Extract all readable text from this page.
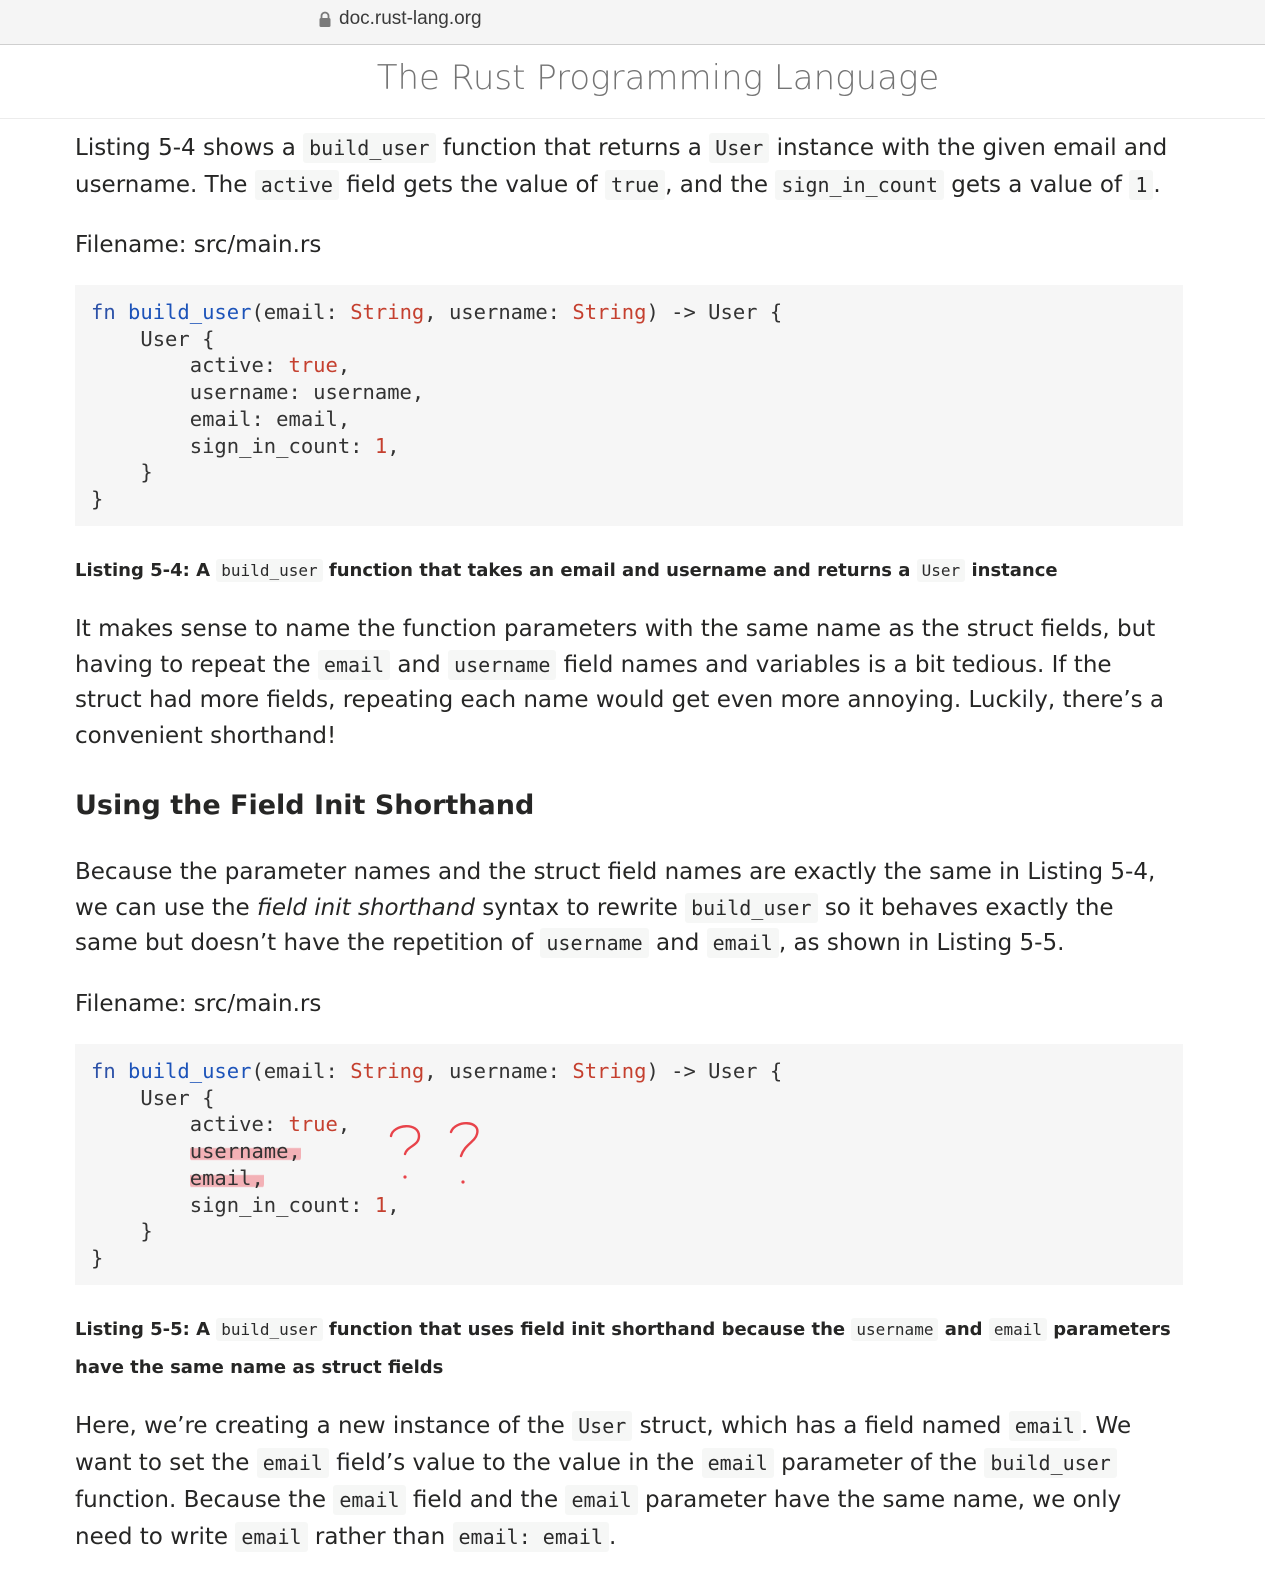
doc.rust-lang.org
The Rust Programming Language

Listing 5-4 shows a build_user function that returns a User instance with the given email and username. The active field gets the value of true , and the sign_in_count gets a value of 1 .

Filename: src/main.rs
fn build_user(email: String, username: String) -> User {
User {
active: true,
username: username,
email: email,
sign_in_count: 1,
}
}

Listing 5-4: A build_user function that takes an email and username and returns a User instance

It makes sense to name the function parameters with the same name as the struct fields, but having to repeat the email and username field names and variables is a bit tedious. If the struct had more fields, repeating each name would get even more annoying. Luckily, there’s a convenient shorthand!

Using the Field Init Shorthand

Because the parameter names and the struct field names are exactly the same in Listing 5-4, we can use the field init shorthand syntax to rewrite build_user so it behaves exactly the same but doesn’t have the repetition of username and email , as shown in Listing 5-5.

Filename: src/main.rs
fn build_user(email: String, username: String) -> User {
User {
active: true,
username,
email,
sign_in_count: 1,
}
}

Listing 5-5: A build_user function that uses field init shorthand because the username and email parameters have the same name as struct fields

Here, we’re creating a new instance of the User struct, which has a field named email . We want to set the email field’s value to the value in the email parameter of the build_user function. Because the email field and the email parameter have the same name, we only need to write email rather than email: email .
